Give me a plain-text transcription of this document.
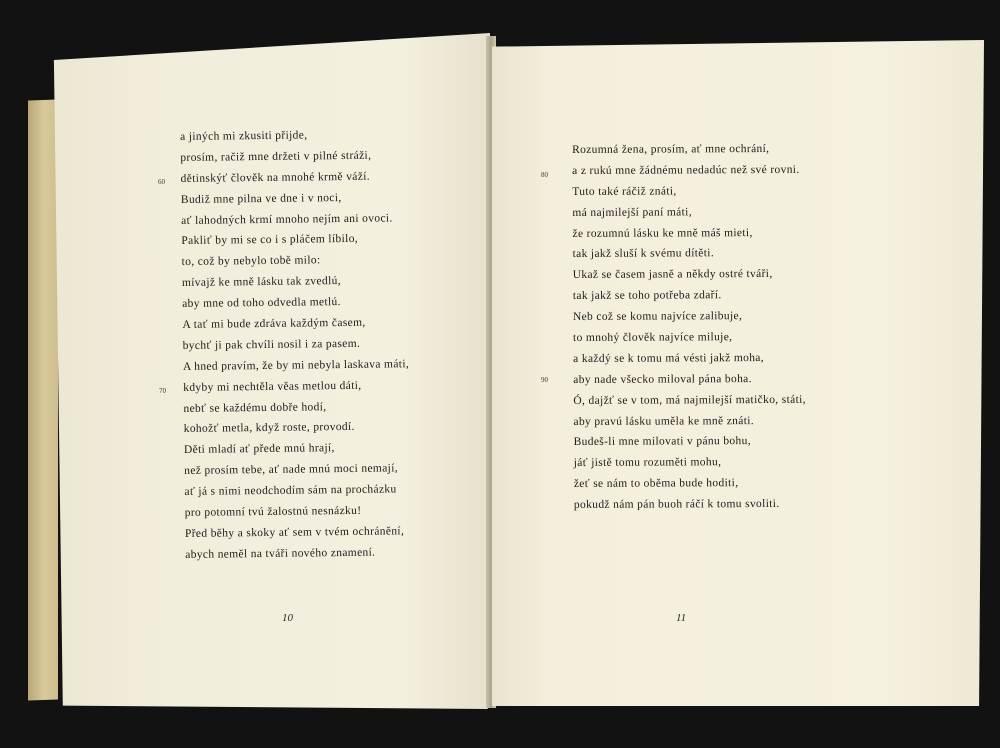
a jiných mi zkusiti přijde,
prosím, račiž mne držeti v pilné stráži,
dětinskýť člověk na mnohé krmě váží.
Budiž mne pilna ve dne i v noci,
ať lahodných krmí mnoho nejím ani ovoci.
Pakliť by mi se co i s pláčem líbilo,
to, což by nebylo tobě milo:
mívajž ke mně lásku tak zvedlú,
aby mne od toho odvedla metlú.
A tať mi bude zdráva každým časem,
bychť ji pak chvíli nosil i za pasem.
A hned pravím, že by mi nebyla laskava máti,
kdyby mi nechtěla věas metlou dáti,
nebť se každému dobře hodí,
kohožť metla, když roste, provodí.
Děti mladí ať přede mnú hrají,
než prosím tebe, ať nade mnú moci nemají,
ať já s nimi neodchodím sám na procházku
pro potomní tvú žalostnú nesnázku!
Před běhy a skoky ať sem v tvém ochránění,
abych neměl na tváři nového znamení.
60
70
10
Rozumná žena, prosím, ať mne ochrání,
a z rukú mne žádnému nedadúc než své rovni.
Tuto také ráčiž znáti,
má najmilejší paní máti,
že rozumnú lásku ke mně máš mieti,
tak jakž sluší k svému dítěti.
Ukaž se časem jasně a někdy ostré tváři,
tak jakž se toho potřeba zdaří.
Neb což se komu najvíce zalibuje,
to mnohý člověk najvíce miluje,
a každý se k tomu má vésti jakž moha,
aby nade všecko miloval pána boha.
Ó, dajžť se v tom, má najmilejší matičko, státi,
aby pravú lásku uměla ke mně znáti.
Budeš-li mne milovati v pánu bohu,
jáť jistě tomu rozuměti mohu,
žeť se nám to oběma bude hoditi,
pokudž nám pán buoh ráčí k tomu svoliti.
80
90
11
